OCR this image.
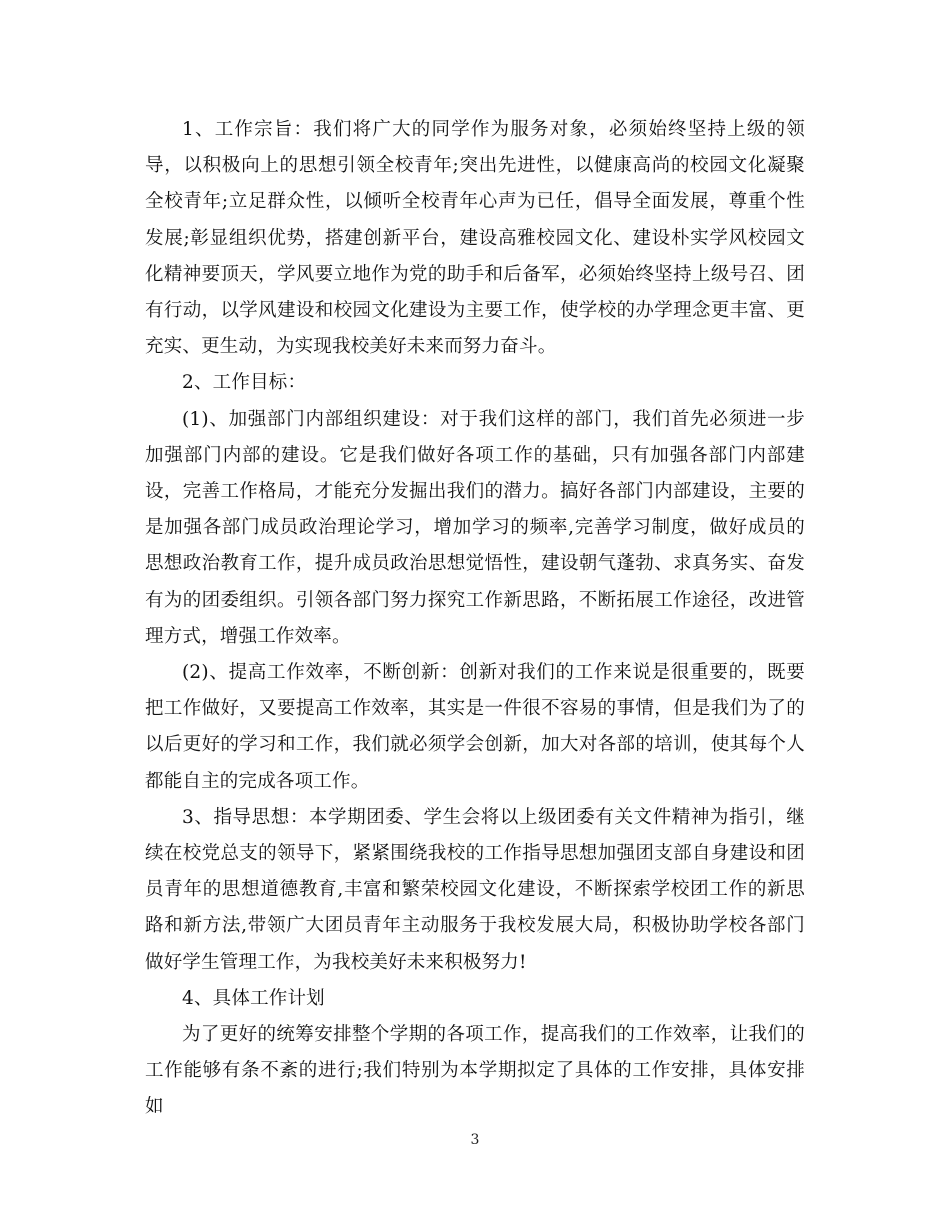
1、工作宗旨：我们将广大的同学作为服务对象，必须始终坚持上级的领导，以积极向上的思想引领全校青年;突出先进性，以健康高尚的校园文化凝聚全校青年;立足群众性，以倾听全校青年心声为已任，倡导全面发展，尊重个性发展;彰显组织优势，搭建创新平台，建设高雅校园文化、建设朴实学风校园文化精神要顶天，学风要立地作为党的助手和后备军，必须始终坚持上级号召、团有行动，以学风建设和校园文化建设为主要工作，使学校的办学理念更丰富、更充实、更生动，为实现我校美好未来而努力奋斗。

2、工作目标：

(1)、加强部门内部组织建设：对于我们这样的部门，我们首先必须进一步加强部门内部的建设。它是我们做好各项工作的基础，只有加强各部门内部建设，完善工作格局，才能充分发掘出我们的潜力。搞好各部门内部建设，主要的是加强各部门成员政治理论学习，增加学习的频率,完善学习制度，做好成员的思想政治教育工作，提升成员政治思想觉悟性，建设朝气蓬勃、求真务实、奋发有为的团委组织。引领各部门努力探究工作新思路，不断拓展工作途径，改进管理方式，增强工作效率。

(2)、提高工作效率，不断创新：创新对我们的工作来说是很重要的，既要把工作做好，又要提高工作效率，其实是一件很不容易的事情，但是我们为了的以后更好的学习和工作，我们就必须学会创新，加大对各部的培训，使其每个人都能自主的完成各项工作。

3、指导思想：本学期团委、学生会将以上级团委有关文件精神为指引，继续在校党总支的领导下，紧紧围绕我校的工作指导思想加强团支部自身建设和团员青年的思想道德教育,丰富和繁荣校园文化建设，不断探索学校团工作的新思路和新方法,带领广大团员青年主动服务于我校发展大局，积极协助学校各部门做好学生管理工作，为我校美好未来积极努力!

4、具体工作计划

为了更好的统筹安排整个学期的各项工作，提高我们的工作效率，让我们的工作能够有条不紊的进行;我们特别为本学期拟定了具体的工作安排，具体安排如

3
